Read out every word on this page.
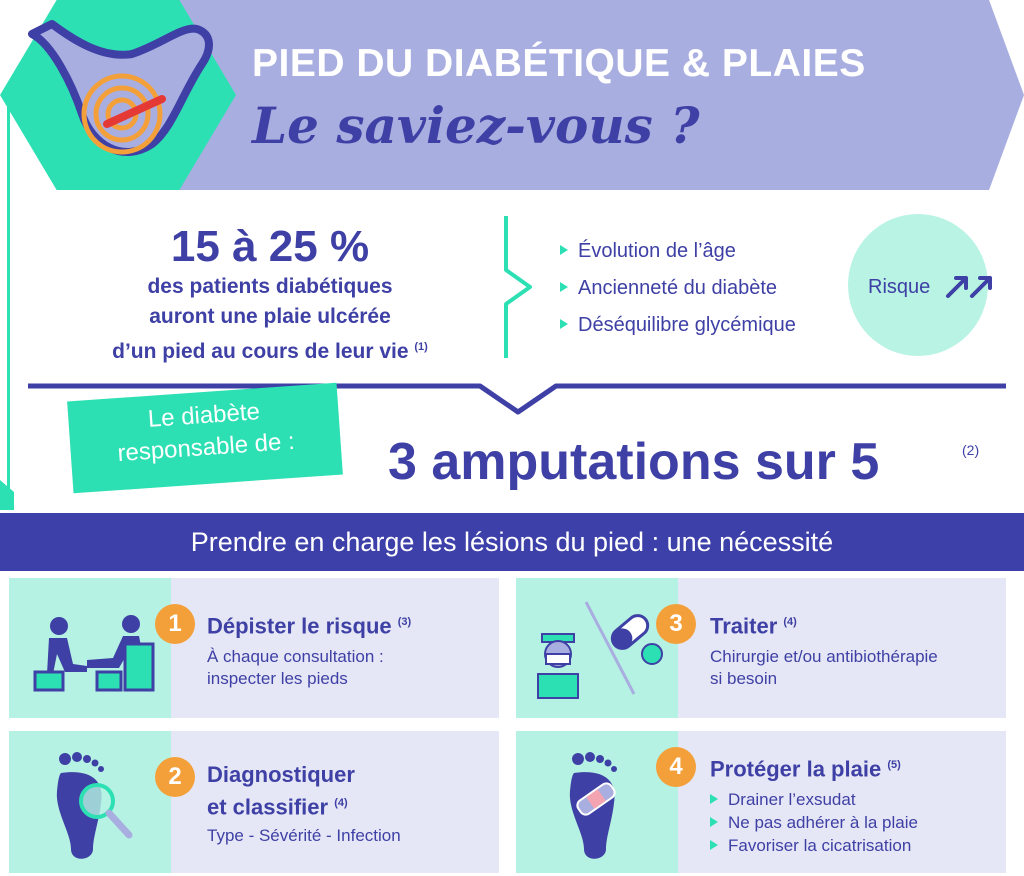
PIED DU DIABÉTIQUE & PLAIES
Le saviez-vous ?
15 à 25 %
des patients diabétiques
auront une plaie ulcérée
d’un pied au cours de leur vie $^{(1)}$
Évolution de l’âge
Ancienneté du diabète
Déséquilibre glycémique
Risque
Le diabète
responsable de :	3 amputations sur 5	(2)
Prendre en charge les lésions du pied : une nécessité
1	Dépister le risque $^{(3)}$
À chaque consultation :
inspecter les pieds
3	Traiter $^{(4)}$
Chirurgie et/ou antibiothérapie
si besoin
2	Diagnostiquer
et classifier $^{(4)}$
Type - Sévérité - Infection
4	Protéger la plaie $^{(5)}$
Drainer l’exsudat
Ne pas adhérer à la plaie
Favoriser la cicatrisation
